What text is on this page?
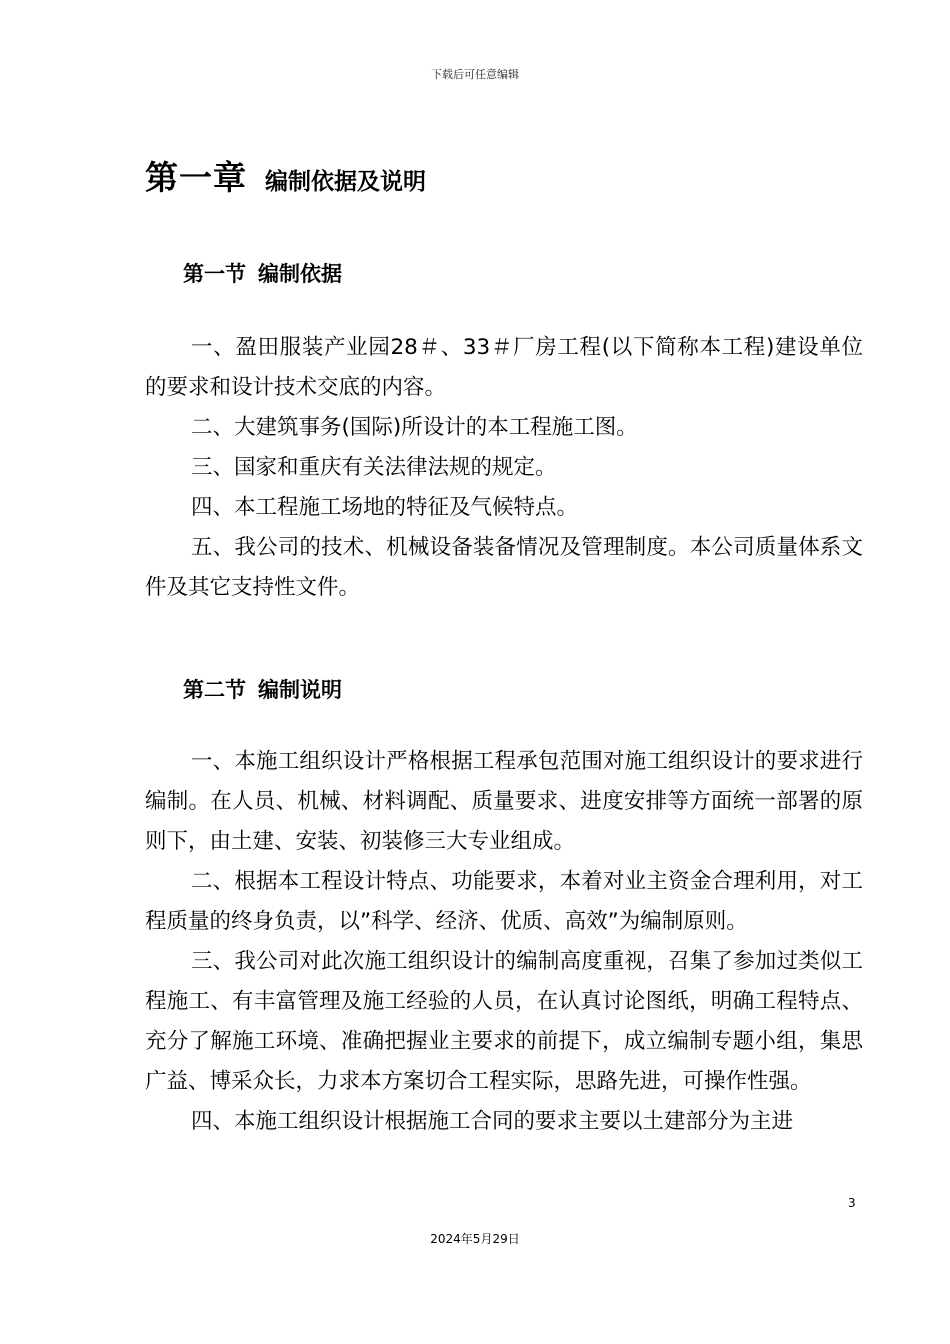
下载后可任意编辑
第一章 编制依据及说明
第一节 编制依据

一、盈田服装产业园28＃、33＃厂房工程(以下简称本工程)建设单位的要求和设计技术交底的内容。

二、大建筑事务(国际)所设计的本工程施工图。

三、国家和重庆有关法律法规的规定。

四、本工程施工场地的特征及气候特点。

五、我公司的技术、机械设备装备情况及管理制度。本公司质量体系文件及其它支持性文件。

第二节 编制说明

一、本施工组织设计严格根据工程承包范围对施工组织设计的要求进行编制。在人员、机械、材料调配、质量要求、进度安排等方面统一部署的原则下，由土建、安装、初装修三大专业组成。

二、根据本工程设计特点、功能要求，本着对业主资金合理利用，对工程质量的终身负责，以”科学、经济、优质、高效”为编制原则。

三、我公司对此次施工组织设计的编制高度重视，召集了参加过类似工程施工、有丰富管理及施工经验的人员，在认真讨论图纸，明确工程特点、充分了解施工环境、准确把握业主要求的前提下，成立编制专题小组，集思广益、博采众长，力求本方案切合工程实际，思路先进，可操作性强。

四、本施工组织设计根据施工合同的要求主要以土建部分为主进

3
2024年5月29日
